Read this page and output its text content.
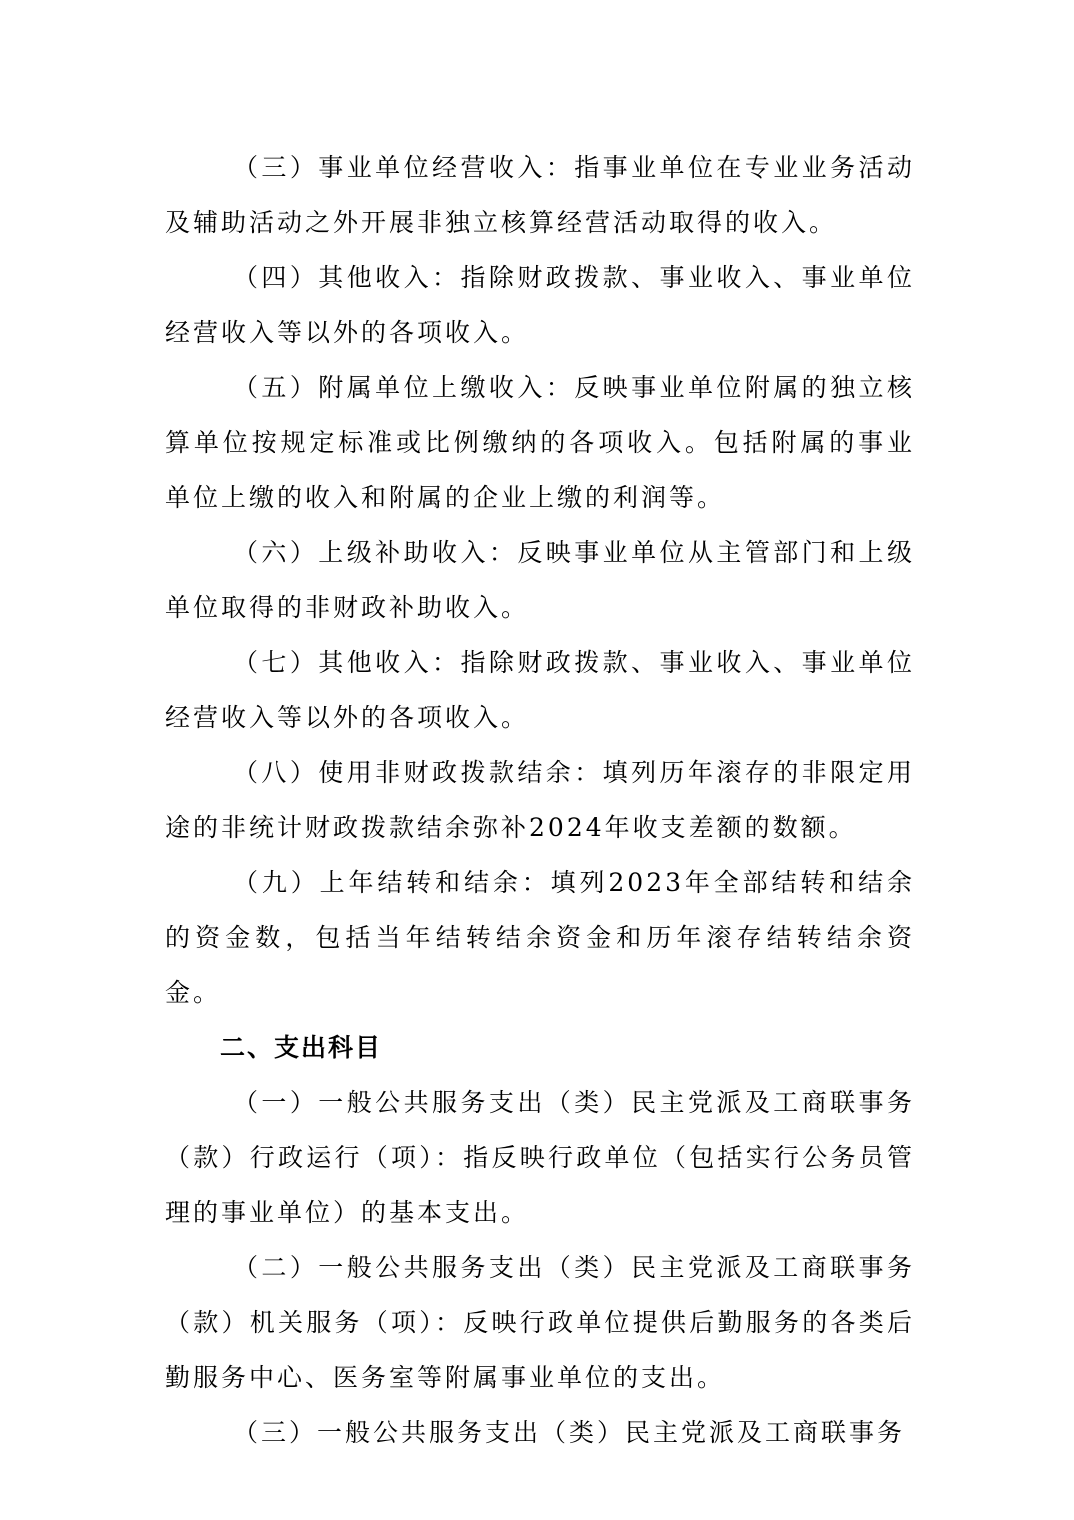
（三）事业单位经营收入：指事业单位在专业业务活动及辅助活动之外开展非独立核算经营活动取得的收入。

（四）其他收入：指除财政拨款、事业收入、事业单位经营收入等以外的各项收入。

（五）附属单位上缴收入：反映事业单位附属的独立核算单位按规定标准或比例缴纳的各项收入。包括附属的事业单位上缴的收入和附属的企业上缴的利润等。

（六）上级补助收入：反映事业单位从主管部门和上级单位取得的非财政补助收入。

（七）其他收入：指除财政拨款、事业收入、事业单位经营收入等以外的各项收入。

（八）使用非财政拨款结余：填列历年滚存的非限定用途的非统计财政拨款结余弥补2024年收支差额的数额。

（九）上年结转和结余：填列2023年全部结转和结余的资金数，包括当年结转结余资金和历年滚存结转结余资金。

二、支出科目

（一）一般公共服务支出（类）民主党派及工商联事务（款）行政运行（项）：指反映行政单位（包括实行公务员管理的事业单位）的基本支出。

（二）一般公共服务支出（类）民主党派及工商联事务（款）机关服务（项）：反映行政单位提供后勤服务的各类后勤服务中心、医务室等附属事业单位的支出。

（三）一般公共服务支出（类）民主党派及工商联事务
